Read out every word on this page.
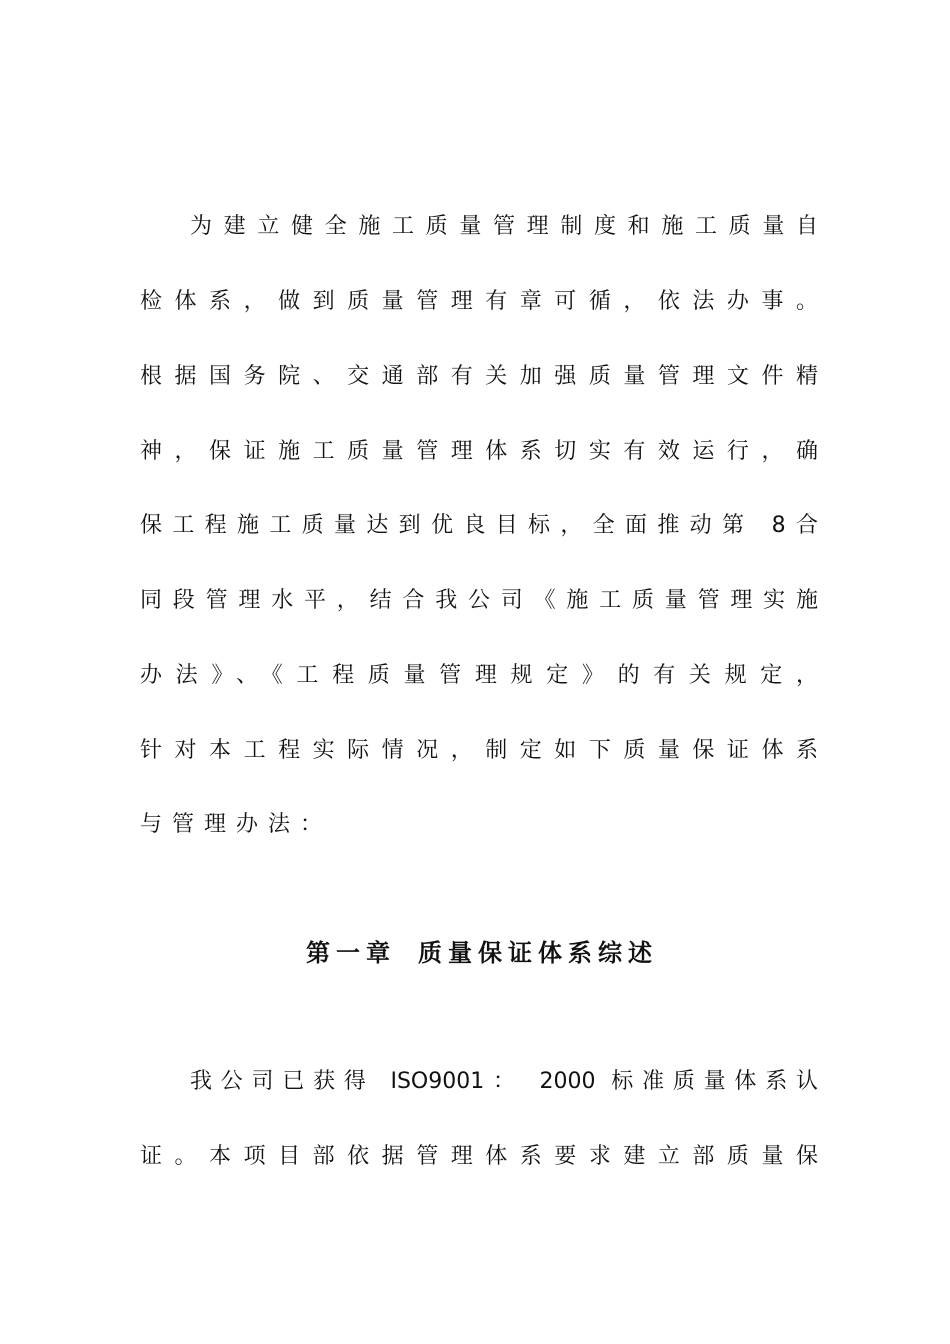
为建立健全施工质量管理制度和施工质量自
检体系，做到质量管理有章可循，依法办事。
根据国务院、交通部有关加强质量管理文件精
神，保证施工质量管理体系切实有效运行，确
保工程施工质量达到优良目标，全面推动第 8合
同段管理水平，结合我公司《施工质量管理实施
办法》、《工程质量管理规定》的有关规定，
针对本工程实际情况，制定如下质量保证体系
与管理办法：
第一章 质量保证体系综述
我公司已获得 ISO9001： 2000 标准质量体系认
证。本项目部依据管理体系要求建立部质量保
